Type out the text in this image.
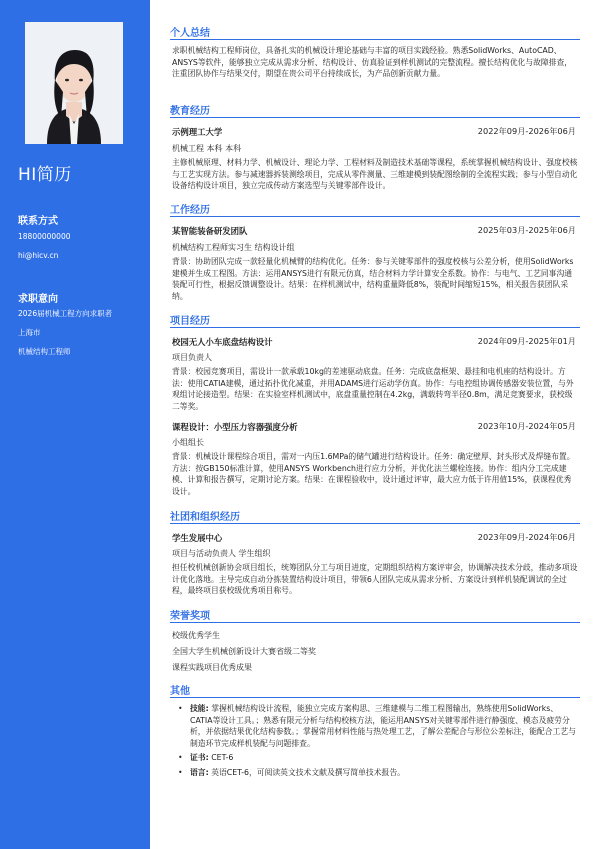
HI简历
联系方式
18800000000
hi@hicv.cn
求职意向
2026届机械工程方向求职者
上海市
机械结构工程师
个人总结

求职机械结构工程师岗位，具备扎实的机械设计理论基础与丰富的项目实践经验。熟悉SolidWorks、AutoCAD、ANSYS等软件，能够独立完成从需求分析、结构设计、仿真验证到样机测试的完整流程。擅长结构优化与故障排查，注重团队协作与结果交付，期望在贵公司平台持续成长，为产品创新贡献力量。

教育经历
示例理工大学	2022年09月-2026年06月
机械工程 本科 本科

主修机械原理、材料力学、机械设计、理论力学、工程材料及制造技术基础等课程，系统掌握机械结构设计、强度校核与工艺实现方法。参与减速器拆装测绘项目，完成从零件测量、三维建模到装配图绘制的全流程实践；参与小型自动化设备结构设计项目，独立完成传动方案选型与关键零部件设计。

工作经历
某智能装备研发团队	2025年03月-2025年06月
机械结构工程师实习生 结构设计组

背景：协助团队完成一款轻量化机械臂的结构优化。任务：参与关键零部件的强度校核与公差分析，使用SolidWorks建模并生成工程图。方法：运用ANSYS进行有限元仿真，结合材料力学计算安全系数。协作：与电气、工艺同事沟通装配可行性，根据反馈调整设计。结果：在样机测试中，结构重量降低8%，装配时间缩短15%，相关报告获团队采纳。

项目经历
校园无人小车底盘结构设计	2024年09月-2025年01月
项目负责人

背景：校园竞赛项目，需设计一款承载10kg的差速驱动底盘。任务：完成底盘框架、悬挂和电机座的结构设计。方法：使用CATIA建模，通过拓扑优化减重，并用ADAMS进行运动学仿真。协作：与电控组协调传感器安装位置，与外观组讨论接造型。结果：在实验室样机测试中，底盘重量控制在4.2kg，满载转弯半径0.8m，满足竞赛要求，获校级二等奖。

课程设计：小型压力容器强度分析	2023年10月-2024年05月
小组组长

背景：机械设计课程综合项目，需对一内压1.6MPa的储气罐进行结构设计。任务：确定壁厚、封头形式及焊缝布置。方法：按GB150标准计算，使用ANSYS Workbench进行应力分析，并优化法兰螺栓连接。协作：组内分工完成建模、计算和报告撰写，定期讨论方案。结果：在课程验收中，设计通过评审，最大应力低于许用值15%，获课程优秀设计。

社团和组织经历
学生发展中心	2023年09月-2024年06月
项目与活动负责人 学生组织

担任校机械创新协会项目组长，统筹团队分工与项目进度，定期组织结构方案评审会，协调解决技术分歧，推动多项设计优化落地。主导完成自动分拣装置结构设计项目，带领6人团队完成从需求分析、方案设计到样机装配调试的全过程，最终项目获校级优秀项目称号。

荣誉奖项
校级优秀学生
全国大学生机械创新设计大赛省级二等奖
课程实践项目优秀成果
其他
• 技能: 掌握机械结构设计流程，能独立完成方案构思、三维建模与二维工程图输出，熟练使用SolidWorks、CATIA等设计工具。；熟悉有限元分析与结构校核方法，能运用ANSYS对关键零部件进行静强度、模态及疲劳分析，并依据结果优化结构参数。；掌握常用材料性能与热处理工艺，了解公差配合与形位公差标注，能配合工艺与制造环节完成样机装配与问题排查。
• 证书: CET-6
• 语言: 英语CET-6，可阅读英文技术文献及撰写简单技术报告。
